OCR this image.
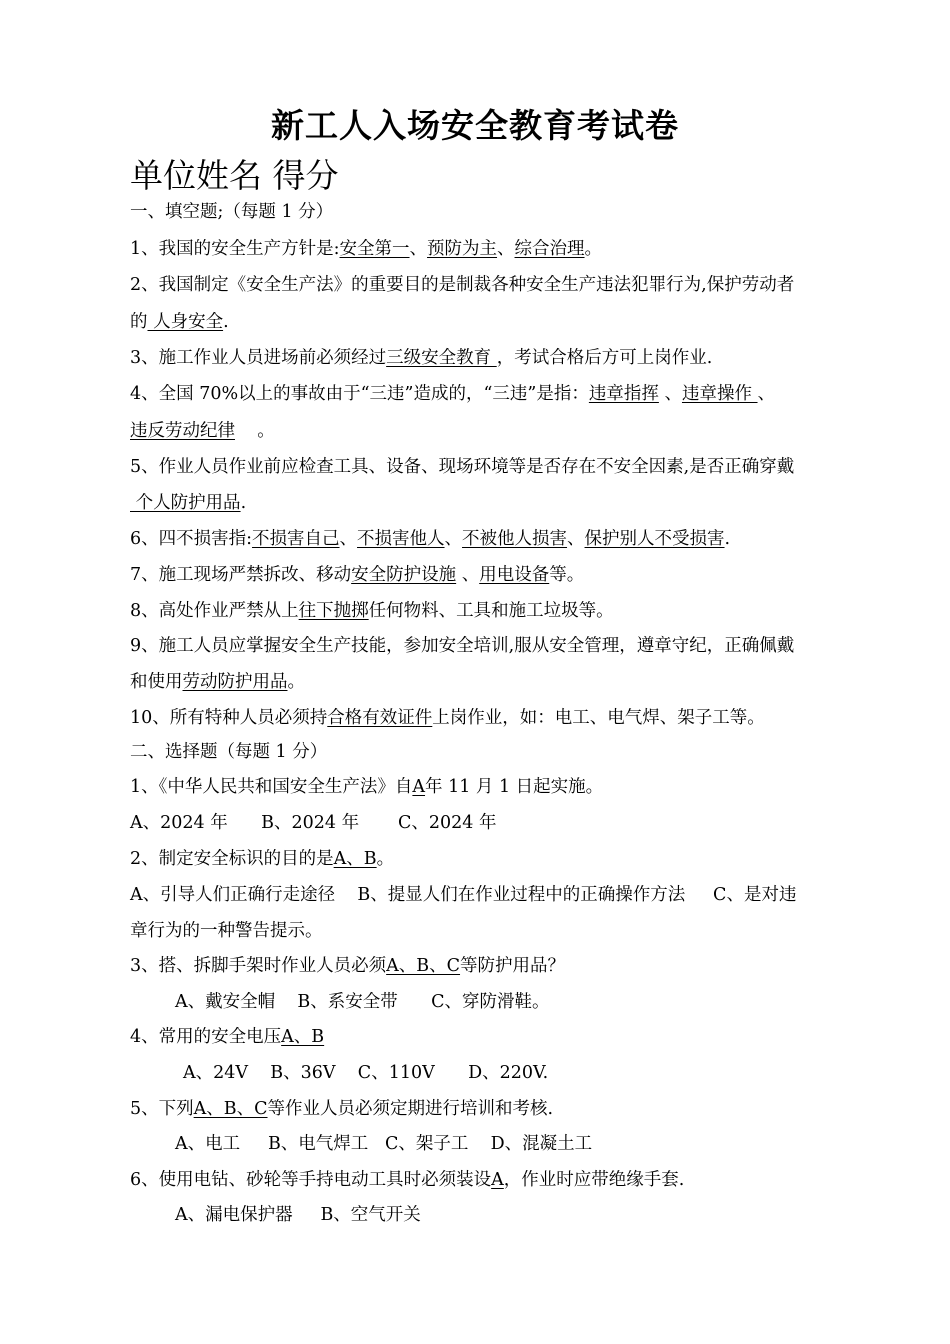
新工人入场安全教育考试卷
单位姓名 得分
一、填空题;（每题 1 分）
1、我国的安全生产方针是:安全第一、预防为主、综合治理。
2、我国制定《安全生产法》的重要目的是制裁各种安全生产违法犯罪行为,保护劳动者
的 人身安全.
3、施工作业人员进场前必须经过三级安全教育 ，考试合格后方可上岗作业.
4、全国 70%以上的事故由于“三违”造成的，“三违”是指：违章指挥 、违章操作 、
违反劳动纪律    。
5、作业人员作业前应检查工具、设备、现场环境等是否存在不安全因素,是否正确穿戴
个人防护用品.
6、四不损害指:不损害自己、不损害他人、不被他人损害、保护别人不受损害.
7、施工现场严禁拆改、移动安全防护设施 、用电设备等。
8、高处作业严禁从上往下抛掷任何物料、工具和施工垃圾等。
9、施工人员应掌握安全生产技能，参加安全培训,服从安全管理，遵章守纪，正确佩戴
和使用劳动防护用品。
10、所有特种人员必须持合格有效证件上岗作业，如：电工、电气焊、架子工等。
二、选择题（每题 1 分）
1、《中华人民共和国安全生产法》自A年 11 月 1 日起实施。
A、2024 年      B、2024 年       C、2024 年
2、制定安全标识的目的是A、B。
A、引导人们正确行走途径    B、提显人们在作业过程中的正确操作方法     C、是对违
章行为的一种警告提示。
3、搭、拆脚手架时作业人员必须A、B、C等防护用品？
A、戴安全帽    B、系安全带      C、穿防滑鞋。
4、常用的安全电压A、B
A、24V    B、36V    C、110V      D、220V.
5、下列A、B、C等作业人员必须定期进行培训和考核.
A、电工     B、电气焊工   C、架子工    D、混凝土工
6、使用电钻、砂轮等手持电动工具时必须装设A，作业时应带绝缘手套.
A、漏电保护器     B、空气开关
